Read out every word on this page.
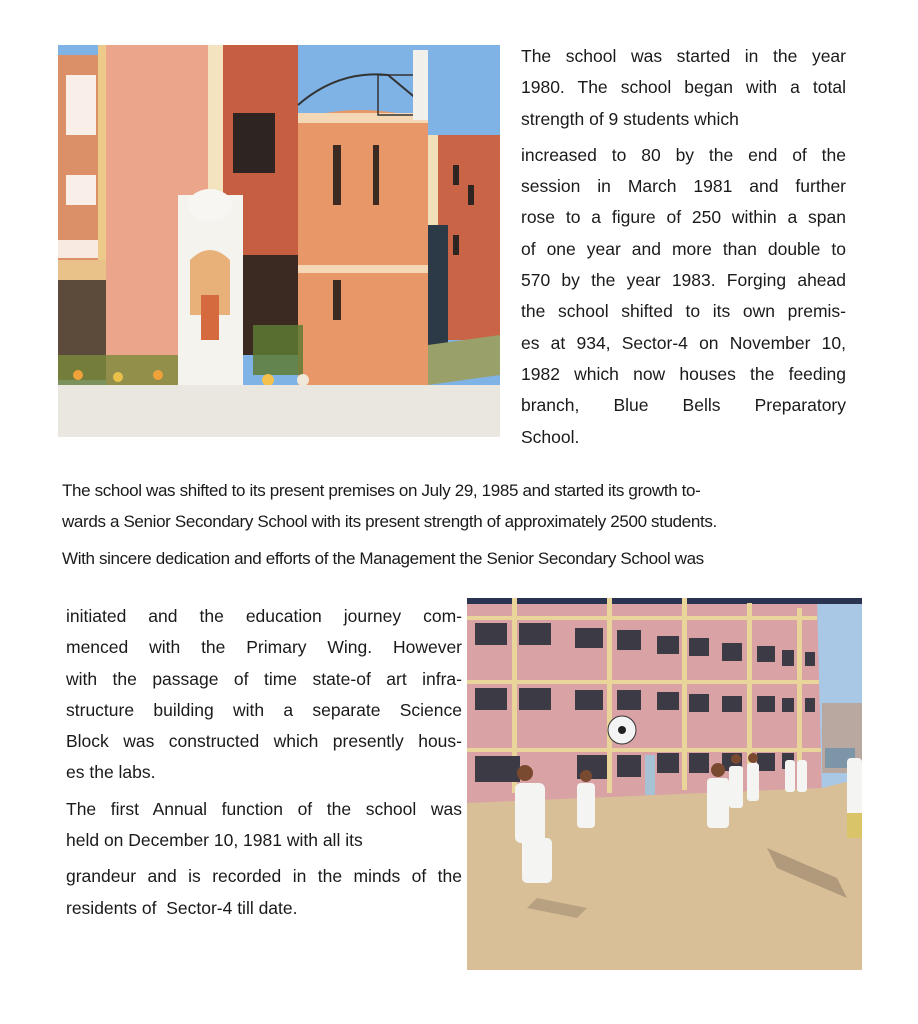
The school was started in the year
1980. The school began with a total
strength of 9 students which

increased to 80 by the end of the
session in March 1981 and further
rose to a figure of 250 within a span
of one year and more than double to
570 by the year 1983. Forging ahead
the school shifted to its own premis-
es at 934, Sector-4 on November 10,
1982 which now houses the feeding
branch, Blue Bells Preparatory
School.

The school was shifted to its present premises on July 29, 1985 and started its growth to-
wards a Senior Secondary School with its present strength of approximately 2500 students.

With sincere dedication and efforts of the Management the Senior Secondary School was

initiated and the education journey com-
menced with the Primary Wing. However
with the passage of time state-of art infra-
structure building with a separate Science
Block was constructed which presently hous-
es the labs.

The first Annual function of the school was
held on December 10, 1981 with all its

grandeur and is recorded in the minds of the
residents of  Sector-4 till date.
